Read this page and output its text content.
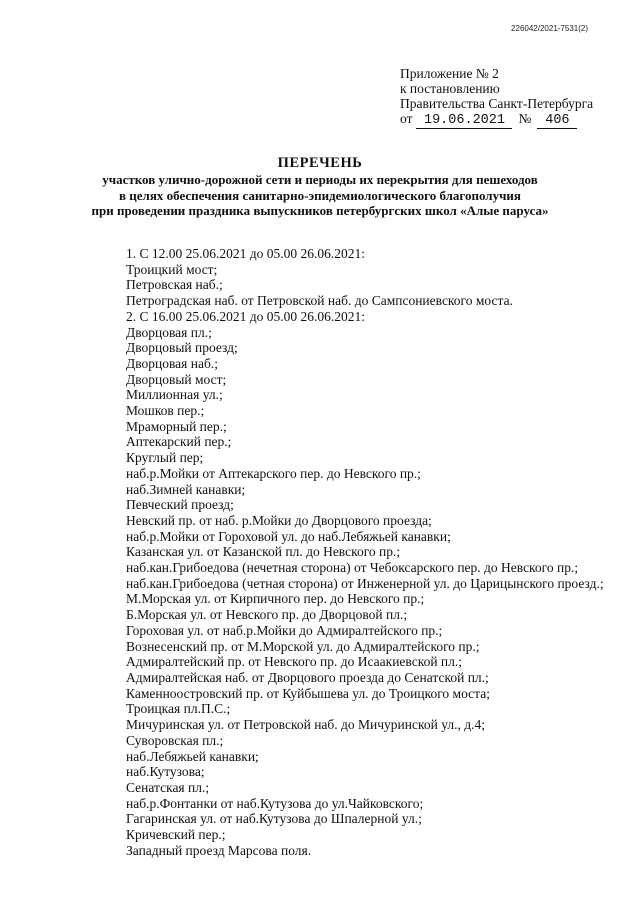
226042/2021-7531(2)
Приложение № 2
к постановлению
Правительства Санкт-Петербурга
от 19.06.2021	№	406
ПЕРЕЧЕНЬ
участков улично-дорожной сети и периоды их перекрытия для пешеходов
в целях обеспечения санитарно-эпидемиологического благополучия
при проведении праздника выпускников петербургских школ «Алые паруса»
1. С 12.00 25.06.2021 до 05.00 26.06.2021:
Троицкий мост;
Петровская наб.;
Петроградская наб. от Петровской наб. до Сампсониевского моста.
2. С 16.00 25.06.2021 до 05.00 26.06.2021:
Дворцовая пл.;
Дворцовый проезд;
Дворцовая наб.;
Дворцовый мост;
Миллионная ул.;
Мошков пер.;
Мраморный пер.;
Аптекарский пер.;
Круглый пер;
наб.р.Мойки от Аптекарского пер. до Невского пр.;
наб.Зимней канавки;
Певческий проезд;
Невский пр. от наб. р.Мойки до Дворцового проезда;
наб.р.Мойки от Гороховой ул. до наб.Лебяжьей канавки;
Казанская ул. от Казанской пл. до Невского пр.;
наб.кан.Грибоедова (нечетная сторона) от Чебоксарского пер. до Невского пр.;
наб.кан.Грибоедова (четная сторона) от Инженерной ул. до Царицынского проезд.;
М.Морская ул. от Кирпичного пер. до Невского пр.;
Б.Морская ул. от Невского пр. до Дворцовой пл.;
Гороховая ул. от наб.р.Мойки до Адмиралтейского пр.;
Вознесенский пр. от М.Морской ул. до Адмиралтейского пр.;
Адмиралтейский пр. от Невского пр. до Исаакиевской пл.;
Адмиралтейская наб. от Дворцового проезда до Сенатской пл.;
Каменноостровский пр. от Куйбышева ул. до Троицкого моста;
Троицкая пл.П.С.;
Мичуринская ул. от Петровской наб. до Мичуринской ул., д.4;
Суворовская пл.;
наб.Лебяжьей канавки;
наб.Кутузова;
Сенатская пл.;
наб.р.Фонтанки от наб.Кутузова до ул.Чайковского;
Гагаринская ул. от наб.Кутузова до Шпалерной ул.;
Кричевский пер.;
Западный проезд Марсова поля.
